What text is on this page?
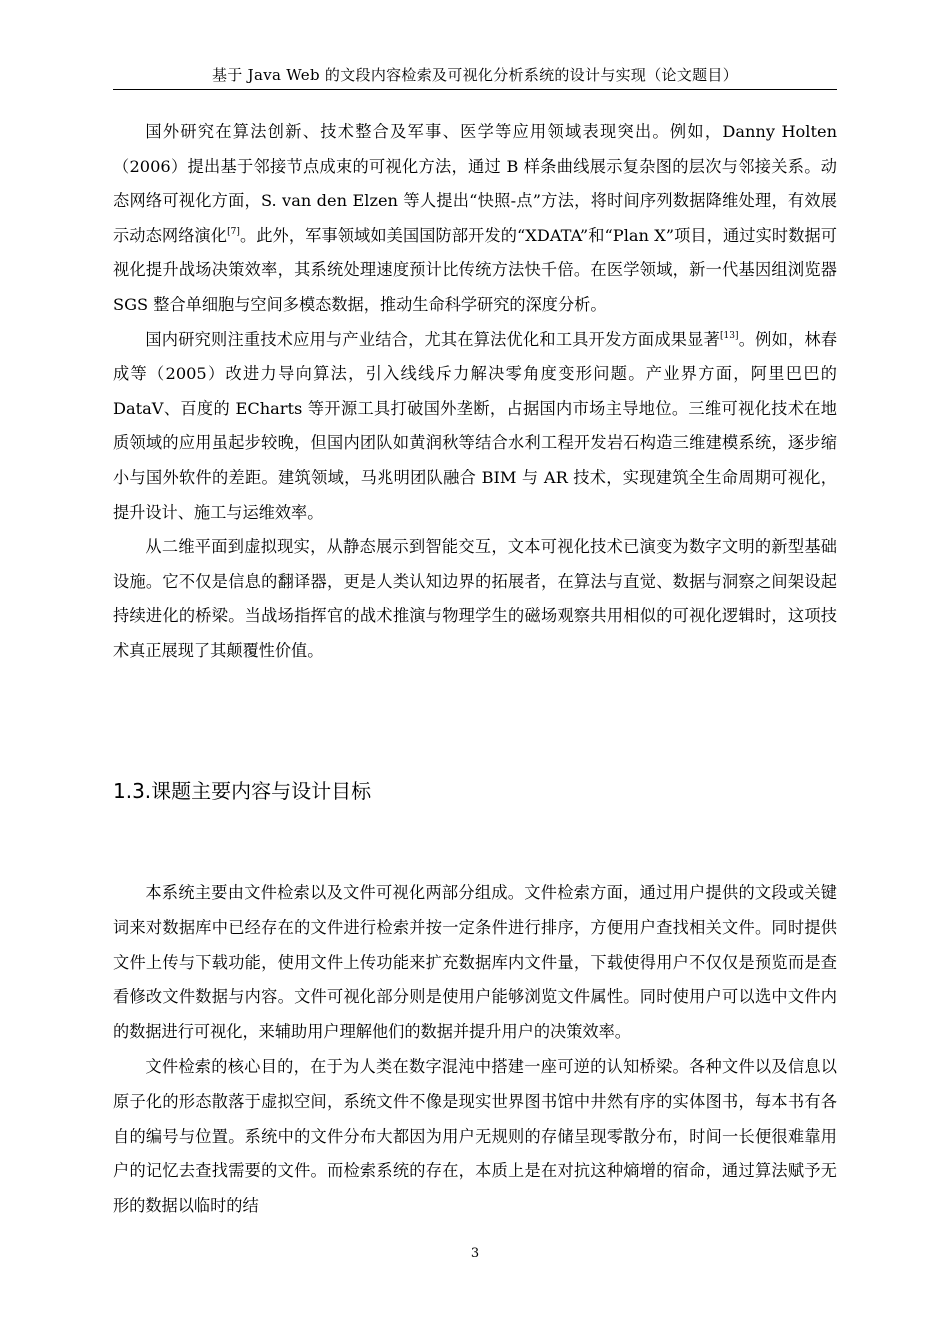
基于 Java Web 的文段内容检索及可视化分析系统的设计与实现（论文题目）

国外研究在算法创新、技术整合及军事、医学等应用领域表现突出。例如，Danny Holten（2006）提出基于邻接节点成束的可视化方法，通过 B 样条曲线展示复杂图的层次与邻接关系。动态网络可视化方面，S. van den Elzen 等人提出“快照-点”方法，将时间序列数据降维处理，有效展示动态网络演化[7]。此外，军事领域如美国国防部开发的“XDATA”和“Plan X”项目，通过实时数据可视化提升战场决策效率，其系统处理速度预计比传统方法快千倍。在医学领域，新一代基因组浏览器 SGS 整合单细胞与空间多模态数据，推动生命科学研究的深度分析。

国内研究则注重技术应用与产业结合，尤其在算法优化和工具开发方面成果显著[13]。例如，林春成等（2005）改进力导向算法，引入线线斥力解决零角度变形问题。产业界方面，阿里巴巴的 DataV、百度的 ECharts 等开源工具打破国外垄断，占据国内市场主导地位。三维可视化技术在地质领域的应用虽起步较晚，但国内团队如黄润秋等结合水利工程开发岩石构造三维建模系统，逐步缩小与国外软件的差距。建筑领域，马兆明团队融合 BIM 与 AR 技术，实现建筑全生命周期可视化，提升设计、施工与运维效率。

从二维平面到虚拟现实，从静态展示到智能交互，文本可视化技术已演变为数字文明的新型基础设施。它不仅是信息的翻译器，更是人类认知边界的拓展者，在算法与直觉、数据与洞察之间架设起持续进化的桥梁。当战场指挥官的战术推演与物理学生的磁场观察共用相似的可视化逻辑时，这项技术真正展现了其颠覆性价值。

1.3.课题主要内容与设计目标

本系统主要由文件检索以及文件可视化两部分组成。文件检索方面，通过用户提供的文段或关键词来对数据库中已经存在的文件进行检索并按一定条件进行排序，方便用户查找相关文件。同时提供文件上传与下载功能，使用文件上传功能来扩充数据库内文件量，下载使得用户不仅仅是预览而是查看修改文件数据与内容。文件可视化部分则是使用户能够浏览文件属性。同时使用户可以选中文件内的数据进行可视化，来辅助用户理解他们的数据并提升用户的决策效率。

文件检索的核心目的，在于为人类在数字混沌中搭建一座可逆的认知桥梁。各种文件以及信息以原子化的形态散落于虚拟空间，系统文件不像是现实世界图书馆中井然有序的实体图书，每本书有各自的编号与位置。系统中的文件分布大都因为用户无规则的存储呈现零散分布，时间一长便很难靠用户的记忆去查找需要的文件。而检索系统的存在，本质上是在对抗这种熵增的宿命，通过算法赋予无形的数据以临时的结

3
